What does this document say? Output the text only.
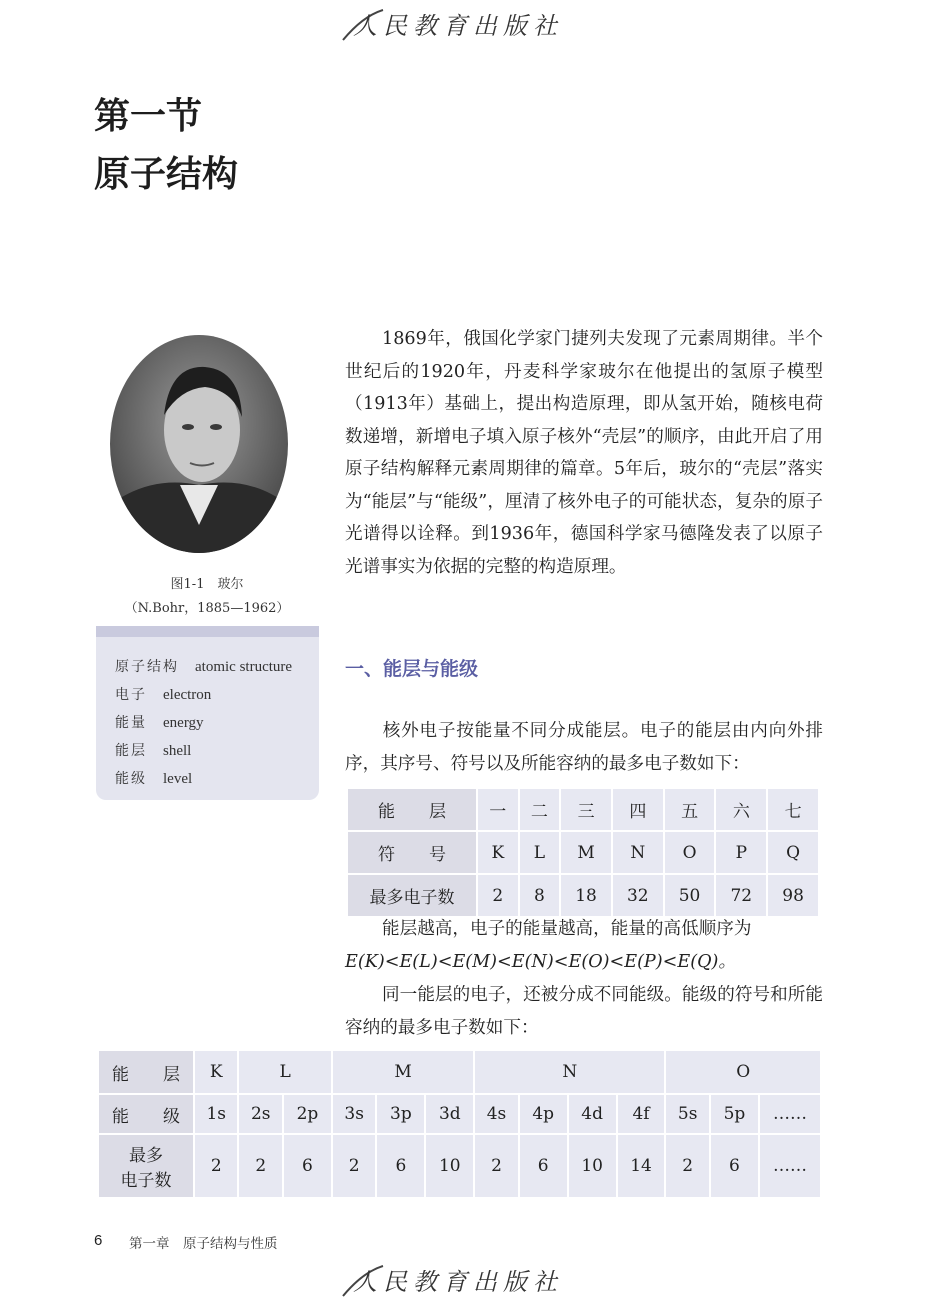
人民教育出版社
第一节
原子结构
图1-1　玻尔
（N.Bohr，1885—1962）
原子结构 atomic structure
电子 electron
能量 energy
能层 shell
能级 level
1869年，俄国化学家门捷列夫发现了元素周期律。半个世纪后的1920年，丹麦科学家玻尔在他提出的氢原子模型（1913年）基础上，提出构造原理，即从氢开始，随核电荷数递增，新增电子填入原子核外“壳层”的顺序，由此开启了用原子结构解释元素周期律的篇章。5年后，玻尔的“壳层”落实为“能层”与“能级”，厘清了核外电子的可能状态，复杂的原子光谱得以诠释。到1936年，德国科学家马德隆发表了以原子光谱事实为依据的完整的构造原理。
一、能层与能级
核外电子按能量不同分成能层。电子的能层由内向外排序，其序号、符号以及所能容纳的最多电子数如下：
能　　层	一	二	三	四	五	六	七
符　　号	K	L	M	N	O	P	Q
最多电子数	2	8	18	32	50	72	98
能层越高，电子的能量越高，能量的高低顺序为
E(K)<E(L)<E(M)<E(N)<E(O)<E(P)<E(Q)。
同一能层的电子，还被分成不同能级。能级的符号和所能容纳的最多电子数如下：
能　　层	K	L		M			N				O		
能　　级	1s	2s	2p	3s	3p	3d	4s	4p	4d	4f	5s	5p	……
最多
电子数	2	2	6	2	6	10	2	6	10	14	2	6	……
6 第一章　原子结构与性质
人民教育出版社
